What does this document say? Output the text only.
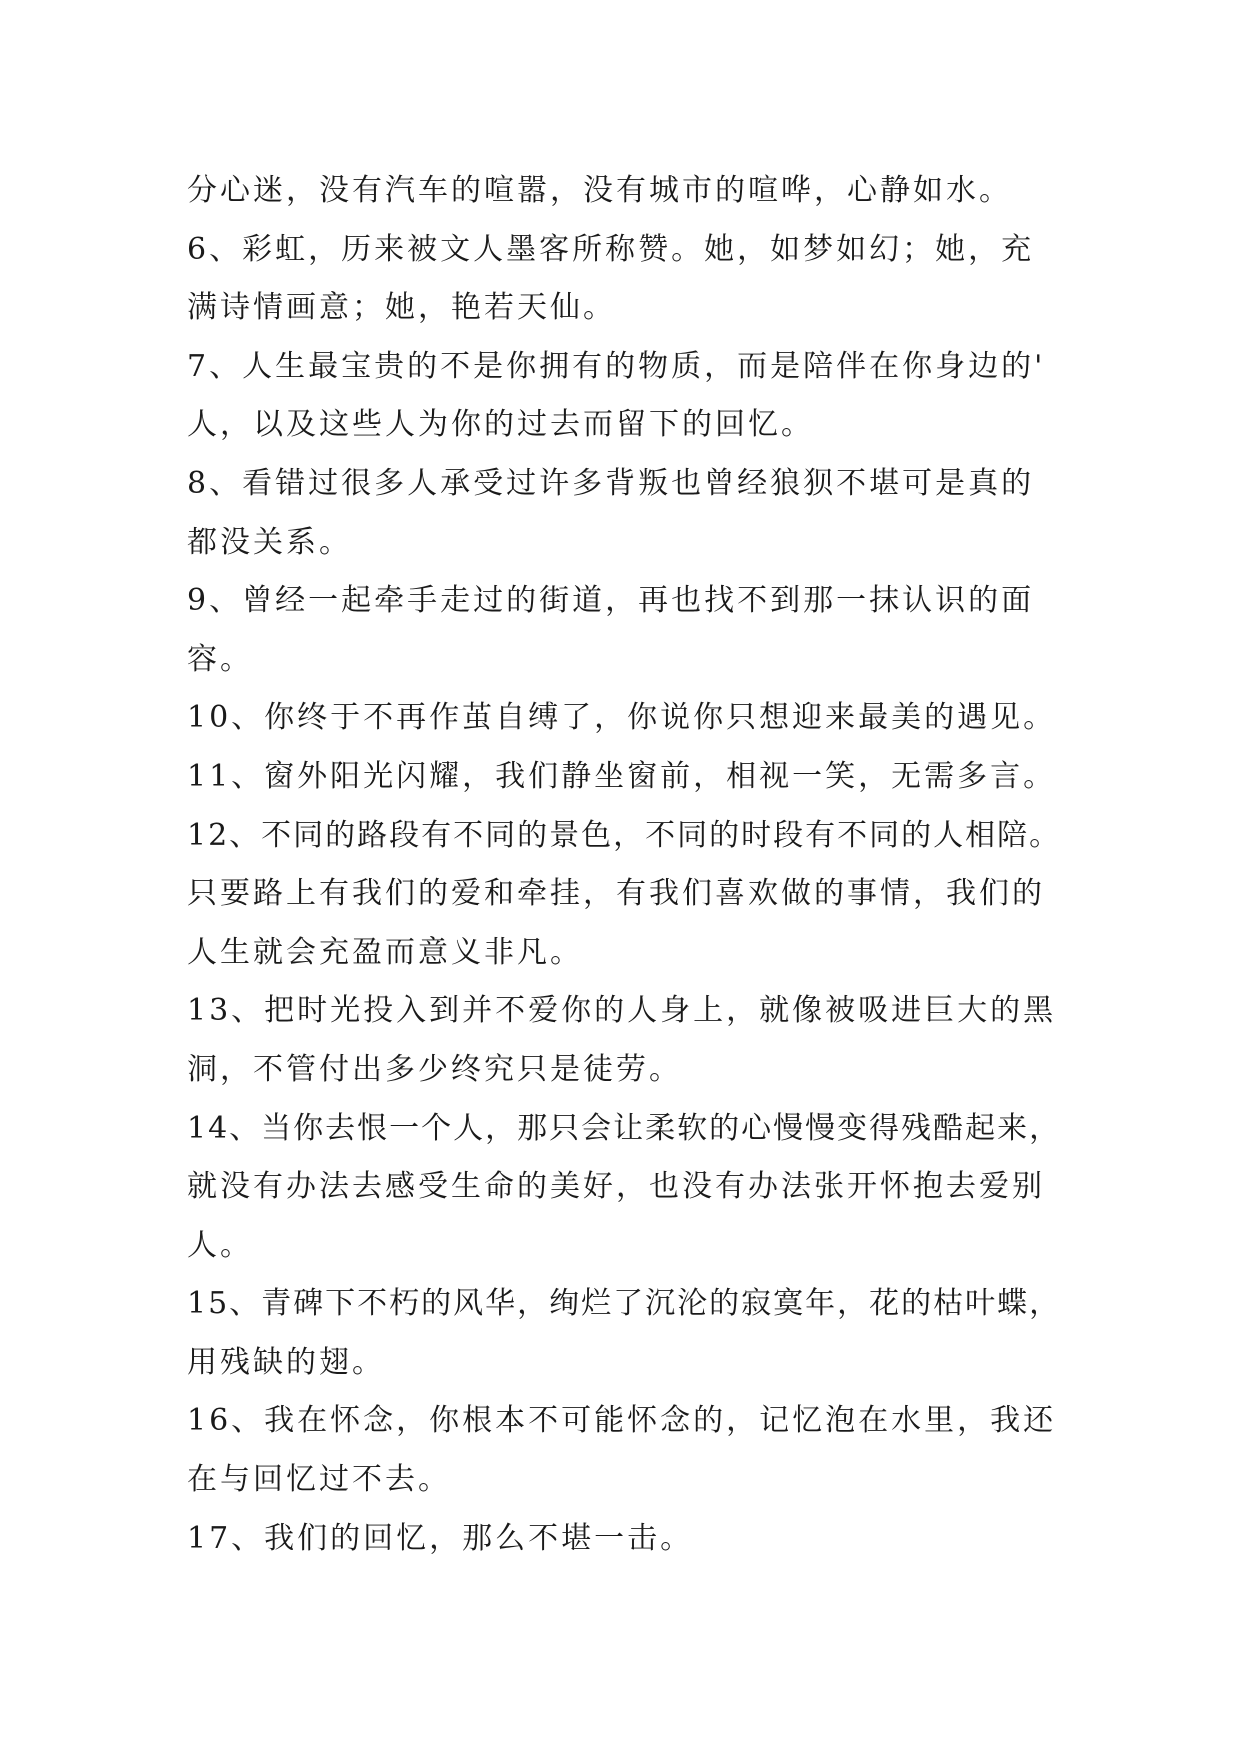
分心迷，没有汽车的喧嚣，没有城市的喧哗，心静如水。
6、彩虹，历来被文人墨客所称赞。她，如梦如幻；她，充
满诗情画意；她，艳若天仙。
7、人生最宝贵的不是你拥有的物质，而是陪伴在你身边的'
人，以及这些人为你的过去而留下的回忆。
8、看错过很多人承受过许多背叛也曾经狼狈不堪可是真的
都没关系。
9、曾经一起牵手走过的街道，再也找不到那一抹认识的面
容。
10、你终于不再作茧自缚了，你说你只想迎来最美的遇见。
11、窗外阳光闪耀，我们静坐窗前，相视一笑，无需多言。
12、不同的路段有不同的景色，不同的时段有不同的人相陪。
只要路上有我们的爱和牵挂，有我们喜欢做的事情，我们的
人生就会充盈而意义非凡。
13、把时光投入到并不爱你的人身上，就像被吸进巨大的黑
洞，不管付出多少终究只是徒劳。
14、当你去恨一个人，那只会让柔软的心慢慢变得残酷起来，
就没有办法去感受生命的美好，也没有办法张开怀抱去爱别
人。
15、青碑下不朽的风华，绚烂了沉沦的寂寞年，花的枯叶蝶，
用残缺的翅。
16、我在怀念，你根本不可能怀念的，记忆泡在水里，我还
在与回忆过不去。
17、我们的回忆，那么不堪一击。
